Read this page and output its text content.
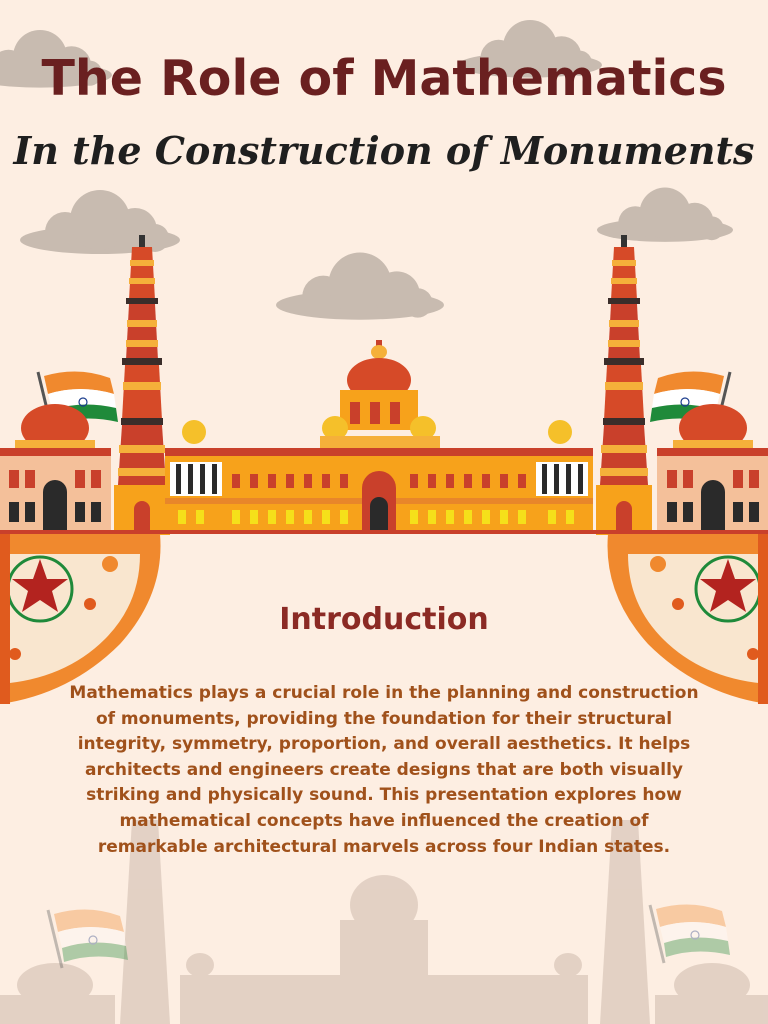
The Role of Mathematics
In the Construction of Monuments
Introduction

Mathematics plays a crucial role in the planning and construction of monuments, providing the foundation for their structural integrity, symmetry, proportion, and overall aesthetics. It helps architects and engineers create designs that are both visually striking and physically sound. This presentation explores how mathematical concepts have influenced the creation of remarkable architectural marvels across four Indian states.
